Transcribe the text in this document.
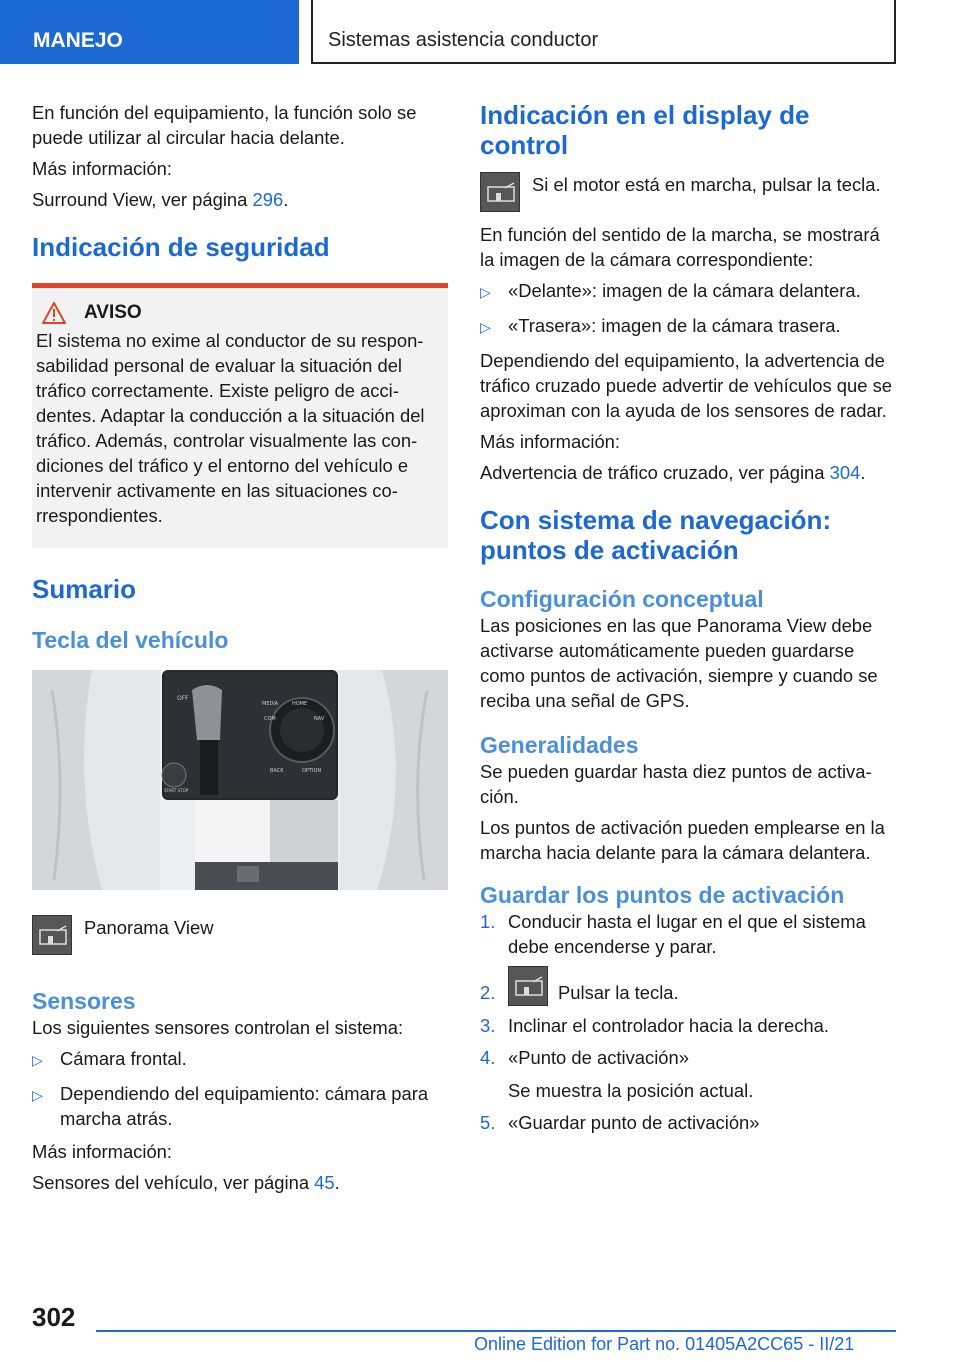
MANEJO	Sistemas asistencia conductor

En función del equipamiento, la función solo se puede utilizar al circular hacia delante.

Más información:

Surround View, ver página 296.

Indicación de seguridad
AVISO

El sistema no exime al conductor de su respon-sabilidad personal de evaluar la situación del tráfico correctamente. Existe peligro de acci-dentes. Adaptar la conducción a la situación del tráfico. Además, controlar visualmente las con-diciones del tráfico y el entorno del vehículo e intervenir activamente en las situaciones co-rrespondientes.

Sumario
Tecla del vehículo
OFF
HOME
MEDIA
COM	NAV
BACK	OPTION
START STOP
Panorama View
Sensores

Los siguientes sensores controlan el sistema:

▷ Cámara frontal.
▷ Dependiendo del equipamiento: cámara para marcha atrás.

Más información:

Sensores del vehículo, ver página 45.

Indicación en el display de control
Si el motor está en marcha, pulsar la tecla.

En función del sentido de la marcha, se mostrará la imagen de la cámara correspondiente:

▷ «Delante»: imagen de la cámara delantera.
▷ «Trasera»: imagen de la cámara trasera.

Dependiendo del equipamiento, la advertencia de tráfico cruzado puede advertir de vehículos que se aproximan con la ayuda de los sensores de radar.

Más información:

Advertencia de tráfico cruzado, ver página 304.

Con sistema de navegación: puntos de activación
Configuración conceptual

Las posiciones en las que Panorama View debe activarse automáticamente pueden guardarse como puntos de activación, siempre y cuando se reciba una señal de GPS.

Generalidades

Se pueden guardar hasta diez puntos de activa-ción.

Los puntos de activación pueden emplearse en la marcha hacia delante para la cámara delantera.

Guardar los puntos de activación
1. Conducir hasta el lugar en el que el sistema debe encenderse y parar.
2.	Pulsar la tecla.
3. Inclinar el controlador hacia la derecha.
4. «Punto de activación»
Se muestra la posición actual.
5. «Guardar punto de activación»
302
Online Edition for Part no. 01405A2CC65 - II/21
